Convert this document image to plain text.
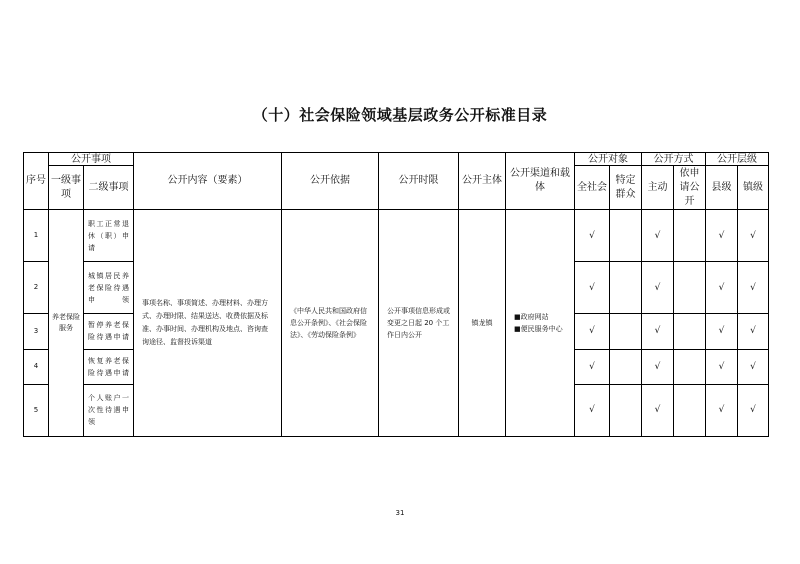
（十）社会保险领域基层政务公开标准目录
序号	公开事项		公开内容（要素）	公开依据	公开时限	公开主体	公开渠道和载体	公开对象		公开方式		公开层级	
	一级事项	二级事项						全社会	特定群众	主动	依申请公开	县级	镇级
1	养老保险服务	职工正常退休（职）申请	事项名称、事项简述、办理材料、办理方式、办理时限、结果送达、收费依据及标准、办事时间、办理机构及地点、咨询查询途径、监督投诉渠道	《中华人民共和国政府信息公开条例》、《社会保险法》、《劳动保险条例》	公开事项信息形成或变更之日起 20 个工作日内公开	镇龙镇	■政府网站
■便民服务中心	√		√		√	√
2		城镇居民养老保险待遇申领						√		√		√	√
3		暂停养老保险待遇申请						√		√		√	√
4		恢复养老保险待遇申请						√		√		√	√
5		个人账户一次性待遇申领						√		√		√	√
31
